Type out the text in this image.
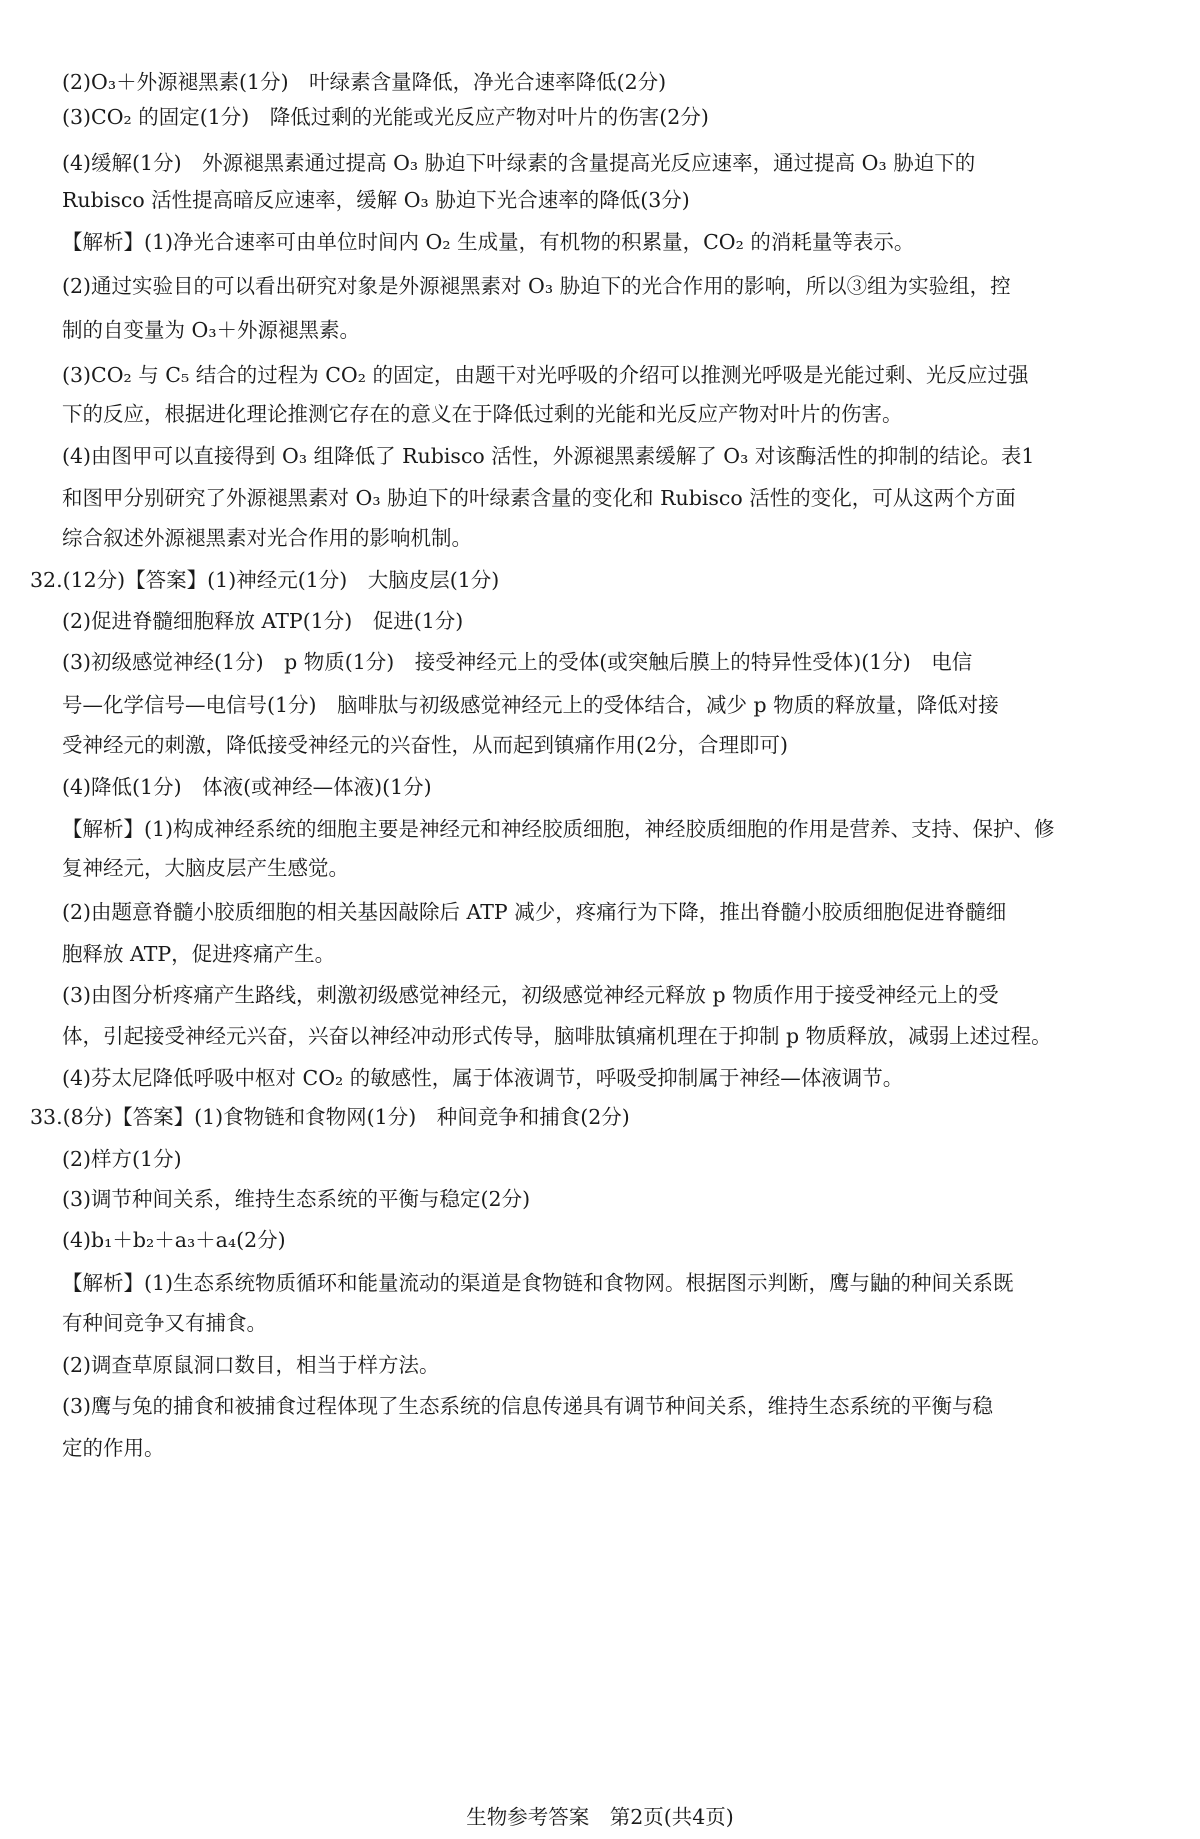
(2)O₃＋外源褪黑素(1分)　叶绿素含量降低，净光合速率降低(2分)
(3)CO₂ 的固定(1分)　降低过剩的光能或光反应产物对叶片的伤害(2分)
(4)缓解(1分)　外源褪黑素通过提高 O₃ 胁迫下叶绿素的含量提高光反应速率，通过提高 O₃ 胁迫下的
Rubisco 活性提高暗反应速率，缓解 O₃ 胁迫下光合速率的降低(3分)
【解析】(1)净光合速率可由单位时间内 O₂ 生成量，有机物的积累量，CO₂ 的消耗量等表示。
(2)通过实验目的可以看出研究对象是外源褪黑素对 O₃ 胁迫下的光合作用的影响，所以③组为实验组，控
制的自变量为 O₃＋外源褪黑素。
(3)CO₂ 与 C₅ 结合的过程为 CO₂ 的固定，由题干对光呼吸的介绍可以推测光呼吸是光能过剩、光反应过强
下的反应，根据进化理论推测它存在的意义在于降低过剩的光能和光反应产物对叶片的伤害。
(4)由图甲可以直接得到 O₃ 组降低了 Rubisco 活性，外源褪黑素缓解了 O₃ 对该酶活性的抑制的结论。表1
和图甲分别研究了外源褪黑素对 O₃ 胁迫下的叶绿素含量的变化和 Rubisco 活性的变化，可从这两个方面
综合叙述外源褪黑素对光合作用的影响机制。
32.(12分)【答案】(1)神经元(1分)　大脑皮层(1分)
(2)促进脊髓细胞释放 ATP(1分)　促进(1分)
(3)初级感觉神经(1分)　p 物质(1分)　接受神经元上的受体(或突触后膜上的特异性受体)(1分)　电信
号—化学信号—电信号(1分)　脑啡肽与初级感觉神经元上的受体结合，减少 p 物质的释放量，降低对接
受神经元的刺激，降低接受神经元的兴奋性，从而起到镇痛作用(2分，合理即可)
(4)降低(1分)　体液(或神经—体液)(1分)
【解析】(1)构成神经系统的细胞主要是神经元和神经胶质细胞，神经胶质细胞的作用是营养、支持、保护、修
复神经元，大脑皮层产生感觉。
(2)由题意脊髓小胶质细胞的相关基因敲除后 ATP 减少，疼痛行为下降，推出脊髓小胶质细胞促进脊髓细
胞释放 ATP，促进疼痛产生。
(3)由图分析疼痛产生路线，刺激初级感觉神经元，初级感觉神经元释放 p 物质作用于接受神经元上的受
体，引起接受神经元兴奋，兴奋以神经冲动形式传导，脑啡肽镇痛机理在于抑制 p 物质释放，减弱上述过程。
(4)芬太尼降低呼吸中枢对 CO₂ 的敏感性，属于体液调节，呼吸受抑制属于神经—体液调节。
33.(8分)【答案】(1)食物链和食物网(1分)　种间竞争和捕食(2分)
(2)样方(1分)
(3)调节种间关系，维持生态系统的平衡与稳定(2分)
(4)b₁＋b₂＋a₃＋a₄(2分)
【解析】(1)生态系统物质循环和能量流动的渠道是食物链和食物网。根据图示判断，鹰与鼬的种间关系既
有种间竞争又有捕食。
(2)调查草原鼠洞口数目，相当于样方法。
(3)鹰与兔的捕食和被捕食过程体现了生态系统的信息传递具有调节种间关系，维持生态系统的平衡与稳
定的作用。
生物参考答案　第2页(共4页)
